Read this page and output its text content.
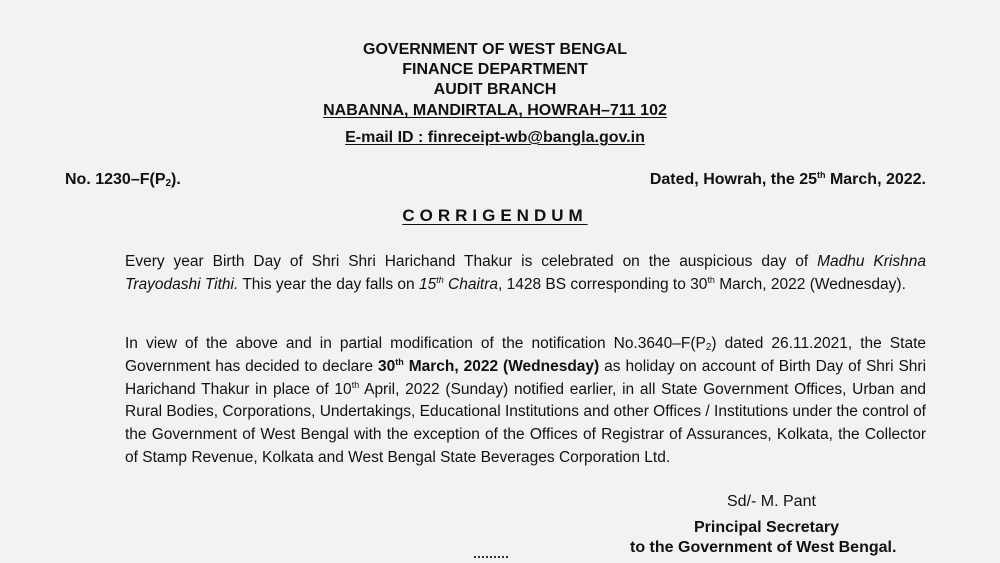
GOVERNMENT OF WEST BENGAL
FINANCE DEPARTMENT
AUDIT BRANCH
NABANNA, MANDIRTALA, HOWRAH–711 102
E-mail ID : finreceipt-wb@bangla.gov.in
No. $1230-F(P_2)$.	Dated, Howrah, the 25th March, 2022.
CORRIGENDUM

Every year Birth Day of Shri Shri Harichand Thakur is celebrated on the auspicious day of Madhu Krishna Trayodashi Tithi. This year the day falls on 15th Chaitra, 1428 BS corresponding to 30th March, 2022 (Wednesday).

In view of the above and in partial modification of the notification $No.3640-F(P_2)$ dated 26.11.2021, the State Government has decided to declare 30th March, 2022 (Wednesday) as holiday on account of Birth Day of Shri Shri Harichand Thakur in place of 10th April, 2022 (Sunday) notified earlier, in all State Government Offices, Urban and Rural Bodies, Corporations, Undertakings, Educational Institutions and other Offices / Institutions under the control of the Government of West Bengal with the exception of the Offices of Registrar of Assurances, Kolkata, the Collector of Stamp Revenue, Kolkata and West Bengal State Beverages Corporation Ltd.

Sd/- M. Pant
Principal Secretary
to the Government of West Bengal.
